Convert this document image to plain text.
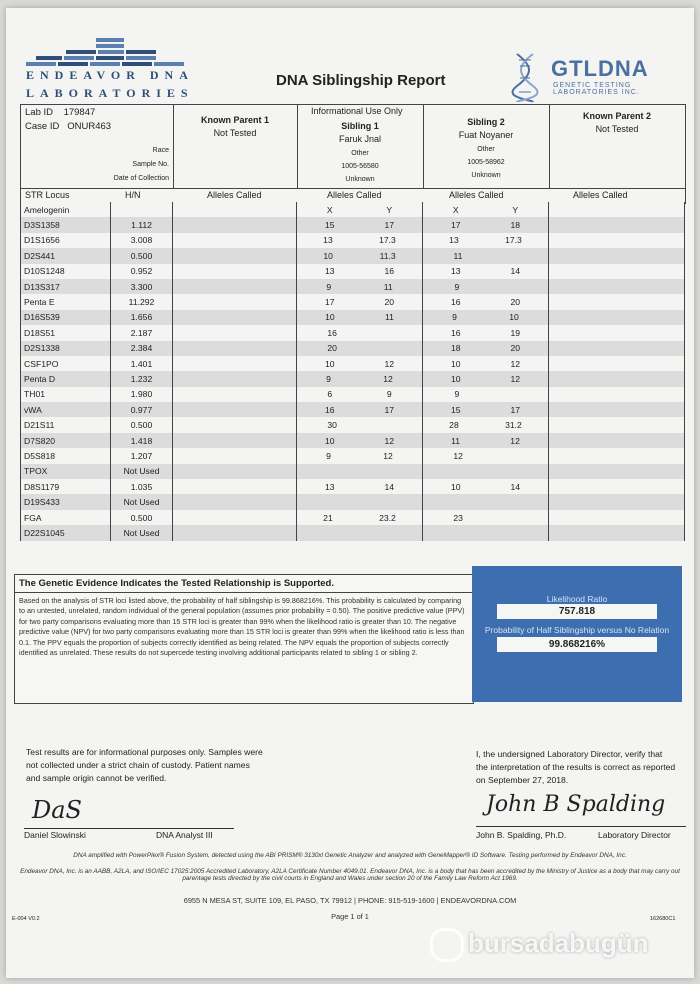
ENDEAVOR DNA
LABORATORIES
DNA Siblingship Report	GTLDNA
GENETIC TESTING LABORATORIES INC.
Informational Use Only
Lab ID 179847
Case ID ONUR463
Race
Sample No.
Date of Collection
Known Parent 1
Not Tested
Sibling 1
Faruk Jnal
Other
1005-56580
Unknown
Sibling 2
Fuat Noyaner
Other
1005-58962
Unknown
Known Parent 2
Not Tested
STR Locus	H/N	Alleles Called	Alleles Called	Alleles Called	Alleles Called
Amelogenin			X Y	X Y	

D3S1358	1.112		15 17	17 18	

D1S1656	3.008		13 17.3	13 17.3	

D2S441	0.500		10 11.3	11	

D10S1248	0.952		13 16	13 14	

D13S317	3.300		9 11	9	

Penta E	11.292		17 20	16 20	

D16S539	1.656		10 11	9 10	

D18S51	2.187		16	16 19	

D2S1338	2.384		20	18 20	

CSF1PO	1.401		10 12	10 12	

Penta D	1.232		9 12	10 12	

TH01	1.980		6 9	9	

vWA	0.977		16 17	15 17	

D21S11	0.500		30	28 31.2	

D7S820	1.418		10 12	11 12	

D5S818	1.207		9 12	12	

TPOX	Not Used		

D8S1179	1.035		13 14	10 14	

D19S433	Not Used		

FGA	0.500		21 23.2	23	

D22S1045	Not Used		

The Genetic Evidence Indicates the Tested Relationship is Supported.
Based on the analysis of STR loci listed above, the probability of half siblingship is 99.868216%. This probability is calculated by comparing to an untested, unrelated, random individual of the general population (assumes prior probability = 0.50). The positive predictive value (PPV) for two party comparisons evaluating more than 15 STR loci is greater than 99% when the likelihood ratio is greater than 10. The negative predictive value (NPV) for two party comparisons evaluating more than 15 STR loci is greater than 99% when the likelihood ratio is less than 0.1. The PPV equals the proportion of subjects correctly identified as being related. The NPV equals the proportion of subjects correctly identified as unrelated. These results do not supercede testing involving additional participants related to sibling 1 or sibling 2.
Likelihood Ratio
757.818
Probability of Half Siblingship versus No Relation
99.868216%
Test results are for informational purposes only. Samples were not collected under a strict chain of custody. Patient names and sample origin cannot be verified.
I, the undersigned Laboratory Director, verify that the interpretation of the results is correct as reported on September 27, 2018.
DaS	John B Spalding
Daniel Slowinski	DNA Analyst III	John B. Spalding, Ph.D.	Laboratory Director
DNA amplified with PowerPlex® Fusion System, detected using the ABI PRISM® 3130xl Genetic Analyzer and analyzed with GeneMapper® ID Software. Testing performed by Endeavor DNA, Inc.
Endeavor DNA, Inc. is an AABB, A2LA, and ISO/IEC 17025:2005 Accredited Laboratory, A2LA Certificate Number 4049.01. Endeavor DNA, Inc. is a body that has been accredited by the Ministry of Justice as a body that may carry out parentage tests directed by the civil courts in England and Wales under section 20 of the Family Law Reform Act 1969.
6955 N MESA ST, SUITE 109, EL PASO, TX 79912 | PHONE: 915-519-1600 | ENDEAVORDNA.COM
Page 1 of 1
E-004 V0.2	162680C1
bursadabugün
